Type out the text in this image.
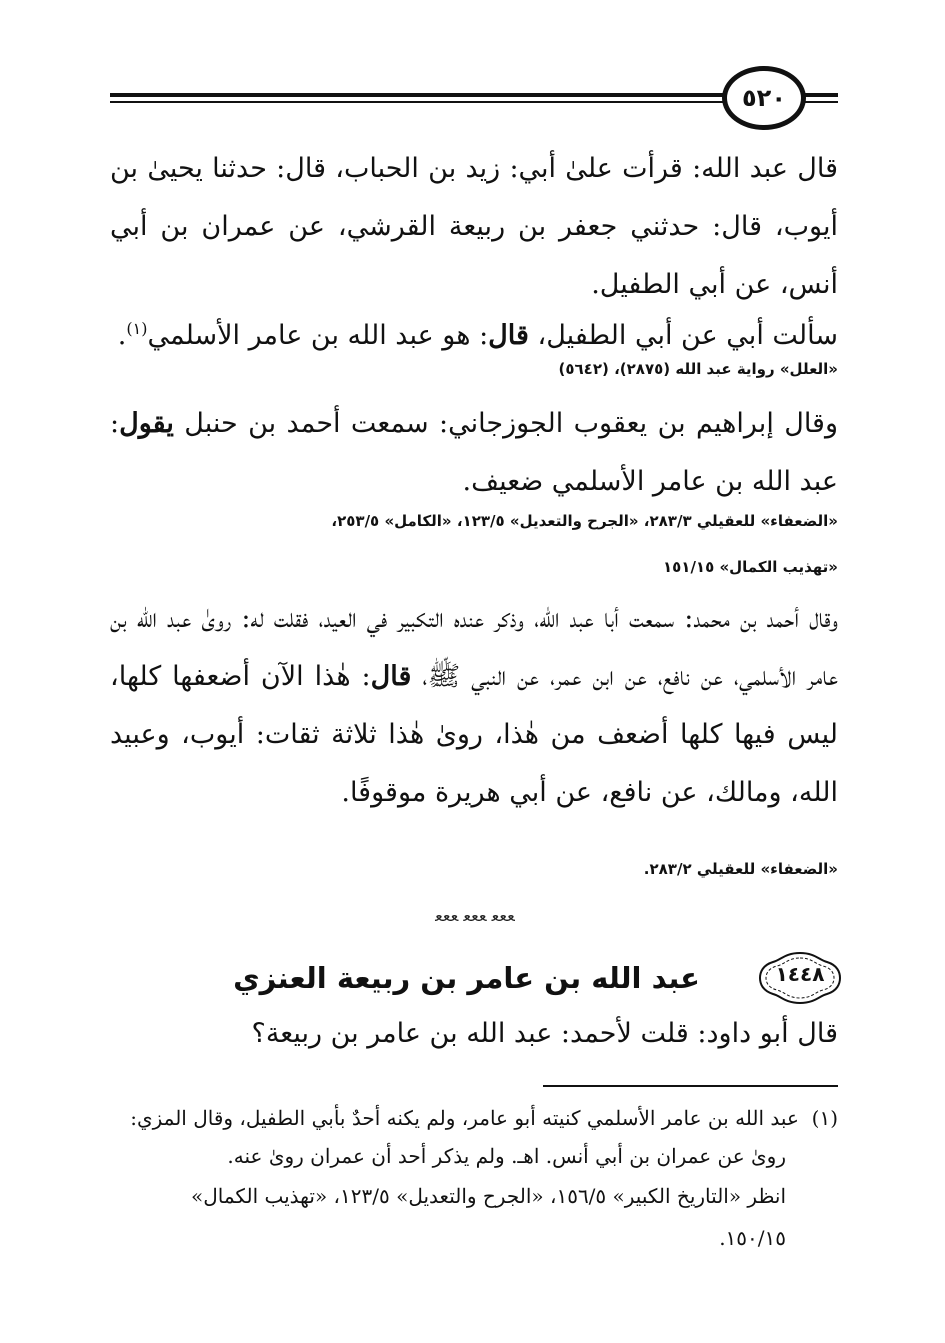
٥٢٠
قال عبد الله: قرأت علىٰ أبي: زيد بن الحباب، قال: حدثنا يحيىٰ بن أيوب، قال: حدثني جعفر بن ربيعة القرشي، عن عمران بن أبي أنس، عن أبي الطفيل.
سألت أبي عن أبي الطفيل، قال: هو عبد الله بن عامر الأسلمي$^{(١)}$.
«العلل» رواية عبد الله (٢٨٧٥)، (٥٦٤٢)
وقال إبراهيم بن يعقوب الجوزجاني: سمعت أحمد بن حنبل يقول: عبد الله بن عامر الأسلمي ضعيف.
«الضعفاء» للعقيلي ٢٨٣/٣، «الجرح والتعديل» ١٢٣/٥، «الكامل» ٢٥٣/٥،
«تهذيب الكمال» ١٥١/١٥
وقال أحمد بن محمد: سمعت أبا عبد الله، وذكر عنده التكبير في العيد، فقلت له: روىٰ عبد الله بن عامر الأسلمي، عن نافع، عن ابن عمر، عن النبي ﷺ، قال: هٰذا الآن أضعفها كلها، ليس فيها كلها أضعف من هٰذا، روىٰ هٰذا ثلاثة ثقات: أيوب، وعبيد الله، ومالك، عن نافع، عن أبي هريرة موقوفًا.
«الضعفاء» للعقيلي ٢٨٣/٢.
ﻌﻌﻌ ﻌﻌﻌ ﻌﻌﻌ
١٤٤٨
عبد الله بن عامر بن ربيعة العنزي
قال أبو داود: قلت لأحمد: عبد الله بن عامر بن ربيعة؟
(١)  عبد الله بن عامر الأسلمي كنيته أبو عامر، ولم يكنه أحدٌ بأبي الطفيل، وقال المزي:
روىٰ عن عمران بن أبي أنس. اهـ. ولم يذكر أحد أن عمران روىٰ عنه.
انظر «التاريخ الكبير» ١٥٦/٥، «الجرح والتعديل» ١٢٣/٥، «تهذيب الكمال»
١٥٠/١٥.
